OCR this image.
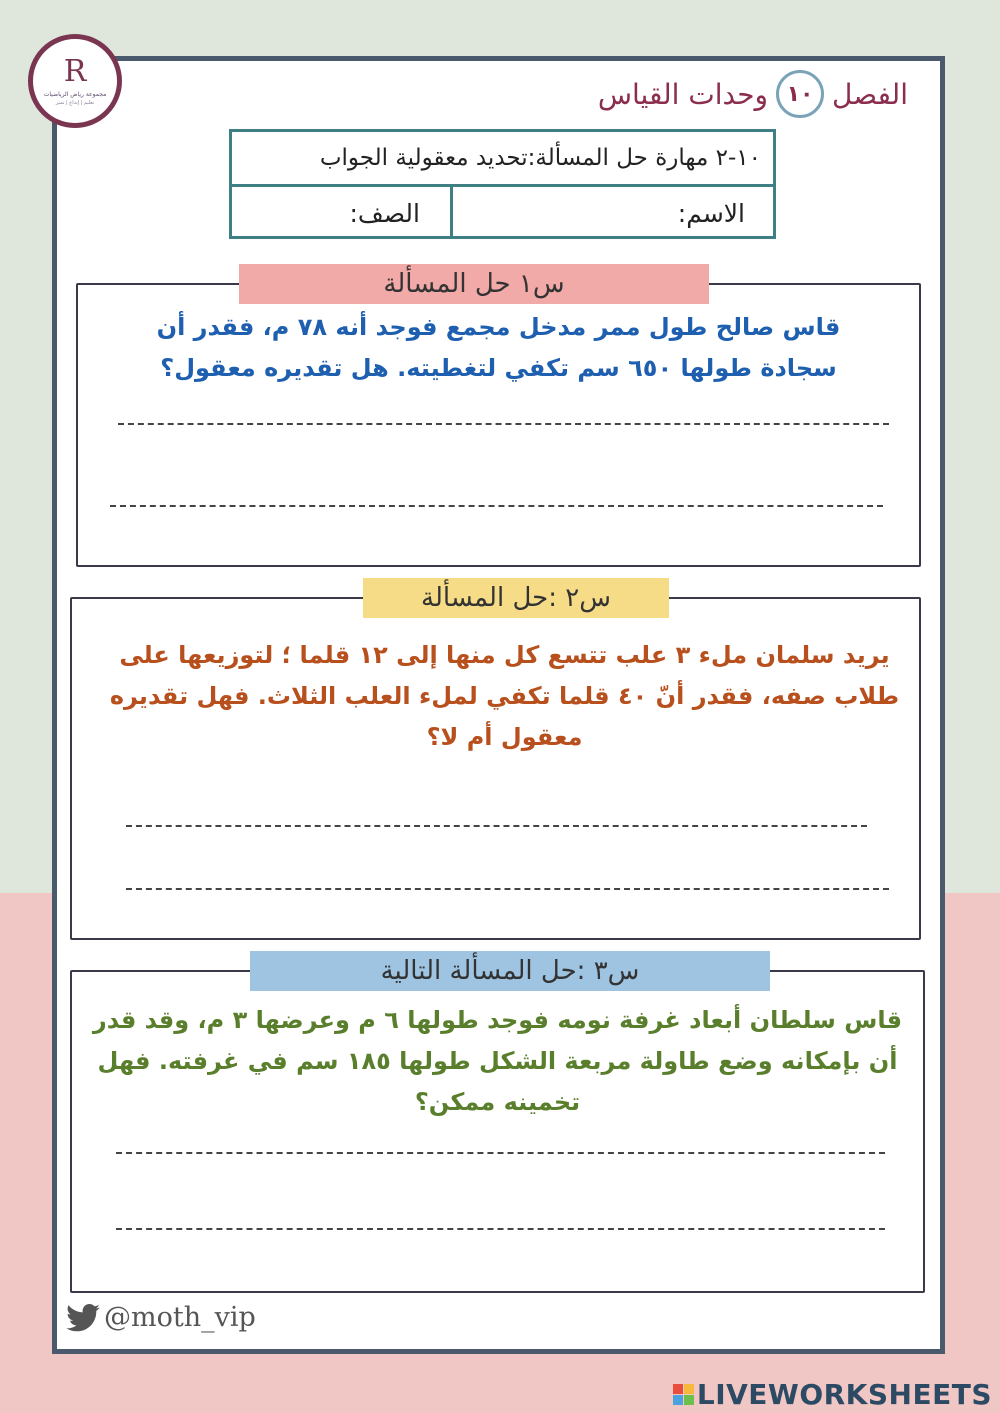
R
مجموعة رياض الرياضيات
تعليم | إبداع | تميز	الفصل
١٠
وحدات القياس
١٠-٢ مهارة حل المسألة:تحديد معقولية الجواب
الاسم:
الصف:
س١ حل المسألة
قاس صالح طول ممر مدخل مجمع فوجد أنه ٧٨ م، فقدر أن سجادة طولها ٦٥٠ سم تكفي لتغطيته. هل تقديره معقول؟
س٢ :حل المسألة
يريد سلمان ملء ٣ علب تتسع كل منها إلى ١٢ قلما ؛ لتوزيعها على طلاب صفه، فقدر أنّ ٤٠ قلما تكفي لملء العلب الثلاث. فهل تقديره معقول أم لا؟
س٣ :حل المسألة التالية
قاس سلطان أبعاد غرفة نومه فوجد طولها ٦ م وعرضها ٣ م، وقد قدر أن بإمكانه وضع طاولة مربعة الشكل طولها ١٨٥ سم في غرفته. فهل تخمينه ممكن؟
@moth_vip
LIVEWORKSHEETS
